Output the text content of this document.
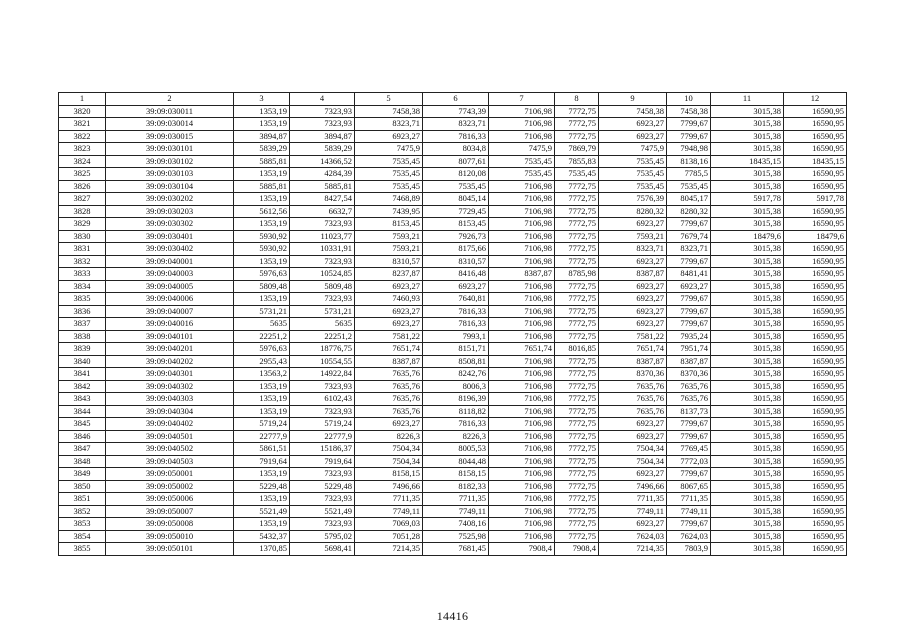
1	2	3	4	5	6	7	8	9	10	11	12
3820	39:09:030011	1353,19	7323,93	7458,38	7743,39	7106,98	7772,75	7458,38	7458,38	3015,38	16590,95
3821	39:09:030014	1353,19	7323,93	8323,71	8323,71	7106,98	7772,75	6923,27	7799,67	3015,38	16590,95
3822	39:09:030015	3894,87	3894,87	6923,27	7816,33	7106,98	7772,75	6923,27	7799,67	3015,38	16590,95
3823	39:09:030101	5839,29	5839,29	7475,9	8034,8	7475,9	7869,79	7475,9	7948,98	3015,38	16590,95
3824	39:09:030102	5885,81	14366,52	7535,45	8077,61	7535,45	7855,83	7535,45	8138,16	18435,15	18435,15
3825	39:09:030103	1353,19	4284,39	7535,45	8120,08	7535,45	7535,45	7535,45	7785,5	3015,38	16590,95
3826	39:09:030104	5885,81	5885,81	7535,45	7535,45	7106,98	7772,75	7535,45	7535,45	3015,38	16590,95
3827	39:09:030202	1353,19	8427,54	7468,89	8045,14	7106,98	7772,75	7576,39	8045,17	5917,78	5917,78
3828	39:09:030203	5612,56	6632,7	7439,95	7729,45	7106,98	7772,75	8280,32	8280,32	3015,38	16590,95
3829	39:09:030302	1353,19	7323,93	8153,45	8153,45	7106,98	7772,75	6923,27	7799,67	3015,38	16590,95
3830	39:09:030401	5930,92	11023,77	7593,21	7926,73	7106,98	7772,75	7593,21	7679,74	18479,6	18479,6
3831	39:09:030402	5930,92	10331,91	7593,21	8175,66	7106,98	7772,75	8323,71	8323,71	3015,38	16590,95
3832	39:09:040001	1353,19	7323,93	8310,57	8310,57	7106,98	7772,75	6923,27	7799,67	3015,38	16590,95
3833	39:09:040003	5976,63	10524,85	8237,87	8416,48	8387,87	8785,98	8387,87	8481,41	3015,38	16590,95
3834	39:09:040005	5809,48	5809,48	6923,27	6923,27	7106,98	7772,75	6923,27	6923,27	3015,38	16590,95
3835	39:09:040006	1353,19	7323,93	7460,93	7640,81	7106,98	7772,75	6923,27	7799,67	3015,38	16590,95
3836	39:09:040007	5731,21	5731,21	6923,27	7816,33	7106,98	7772,75	6923,27	7799,67	3015,38	16590,95
3837	39:09:040016	5635	5635	6923,27	7816,33	7106,98	7772,75	6923,27	7799,67	3015,38	16590,95
3838	39:09:040101	22251,2	22251,2	7581,22	7993,1	7106,98	7772,75	7581,22	7935,24	3015,38	16590,95
3839	39:09:040201	5976,63	18776,75	7651,74	8151,71	7651,74	8016,85	7651,74	7951,74	3015,38	16590,95
3840	39:09:040202	2955,43	10554,55	8387,87	8508,81	7106,98	7772,75	8387,87	8387,87	3015,38	16590,95
3841	39:09:040301	13563,2	14922,84	7635,76	8242,76	7106,98	7772,75	8370,36	8370,36	3015,38	16590,95
3842	39:09:040302	1353,19	7323,93	7635,76	8006,3	7106,98	7772,75	7635,76	7635,76	3015,38	16590,95
3843	39:09:040303	1353,19	6102,43	7635,76	8196,39	7106,98	7772,75	7635,76	7635,76	3015,38	16590,95
3844	39:09:040304	1353,19	7323,93	7635,76	8118,82	7106,98	7772,75	7635,76	8137,73	3015,38	16590,95
3845	39:09:040402	5719,24	5719,24	6923,27	7816,33	7106,98	7772,75	6923,27	7799,67	3015,38	16590,95
3846	39:09:040501	22777,9	22777,9	8226,3	8226,3	7106,98	7772,75	6923,27	7799,67	3015,38	16590,95
3847	39:09:040502	5861,51	15186,37	7504,34	8005,53	7106,98	7772,75	7504,34	7769,45	3015,38	16590,95
3848	39:09:040503	7919,64	7919,64	7504,34	8044,48	7106,98	7772,75	7504,34	7772,03	3015,38	16590,95
3849	39:09:050001	1353,19	7323,93	8158,15	8158,15	7106,98	7772,75	6923,27	7799,67	3015,38	16590,95
3850	39:09:050002	5229,48	5229,48	7496,66	8182,33	7106,98	7772,75	7496,66	8067,65	3015,38	16590,95
3851	39:09:050006	1353,19	7323,93	7711,35	7711,35	7106,98	7772,75	7711,35	7711,35	3015,38	16590,95
3852	39:09:050007	5521,49	5521,49	7749,11	7749,11	7106,98	7772,75	7749,11	7749,11	3015,38	16590,95
3853	39:09:050008	1353,19	7323,93	7069,03	7408,16	7106,98	7772,75	6923,27	7799,67	3015,38	16590,95
3854	39:09:050010	5432,37	5795,02	7051,28	7525,98	7106,98	7772,75	7624,03	7624,03	3015,38	16590,95
3855	39:09:050101	1370,85	5698,41	7214,35	7681,45	7908,4	7908,4	7214,35	7803,9	3015,38	16590,95
14416
